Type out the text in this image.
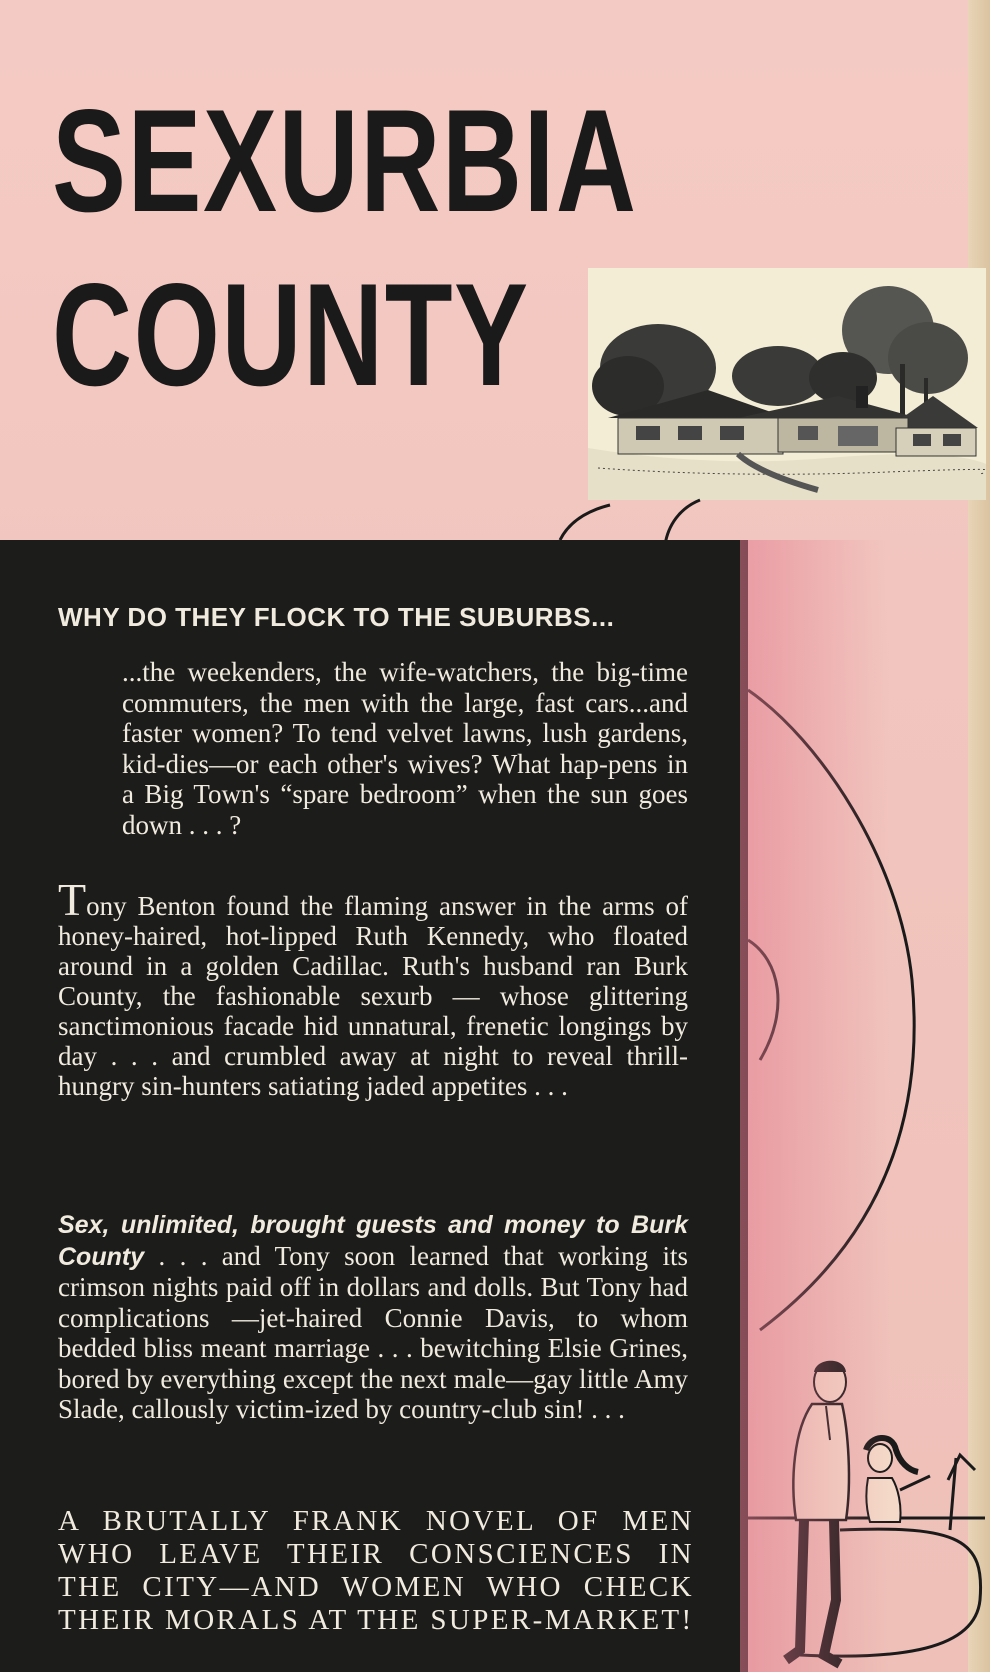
SEXURBIA
COUNTY
WHY DO THEY FLOCK TO THE SUBURBS...
...the weekenders, the wife-watchers, the big-time commuters, the men with the large, fast cars...and faster women? To tend velvet lawns, lush gardens, kid-dies—or each other's wives? What hap-pens in a Big Town's “spare bedroom” when the sun goes down . . . ?
Tony Benton found the flaming answer in the arms of honey-haired, hot-lipped Ruth Kennedy, who floated around in a golden Cadillac. Ruth's husband ran Burk County, the fashionable sexurb — whose glittering sanctimonious facade hid unnatural, frenetic longings by day . . . and crumbled away at night to reveal thrill-hungry sin-hunters satiating jaded appetites . . .
Sex, unlimited, brought guests and money to Burk County . . . and Tony soon learned that working its crimson nights paid off in dollars and dolls. But Tony had complications —jet-haired Connie Davis, to whom bedded bliss meant marriage . . . bewitching Elsie Grines, bored by everything except the next male—gay little Amy Slade, callously victim-ized by country-club sin! . . .
A BRUTALLY FRANK NOVEL OF MEN WHO LEAVE THEIR CONSCIENCES IN THE CITY—AND WOMEN WHO CHECK THEIR MORALS AT THE SUPER-MARKET!
